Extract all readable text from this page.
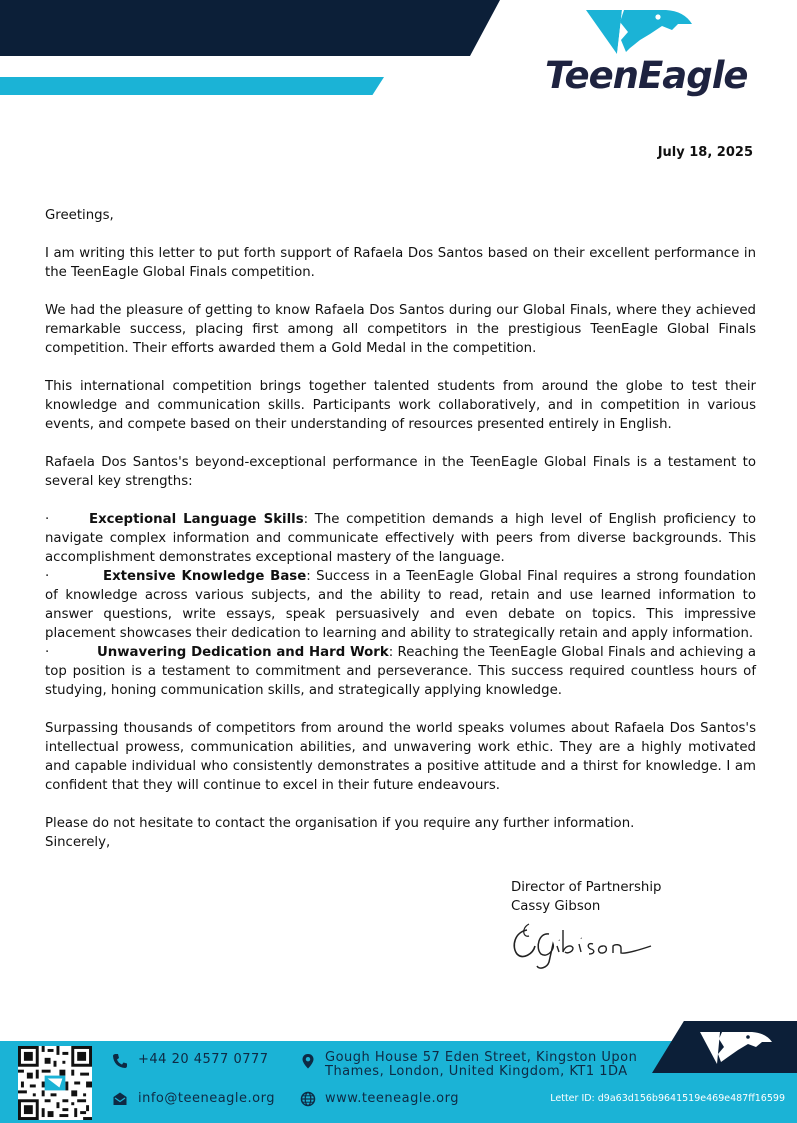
TeenEagle
July 18, 2025

Greetings,

I am writing this letter to put forth support of Rafaela Dos Santos based on their excellent performance in the TeenEagle Global Finals competition.

We had the pleasure of getting to know Rafaela Dos Santos during our Global Finals, where they achieved remarkable success, placing first among all competitors in the prestigious TeenEagle Global Finals competition. Their efforts awarded them a Gold Medal in the competition.

This international competition brings together talented students from around the globe to test their knowledge and communication skills. Participants work collaboratively, and in competition in various events, and compete based on their understanding of resources presented entirely in English.

Rafaela Dos Santos's beyond-exceptional performance in the TeenEagle Global Finals is a testament to several key strengths:

·	Exceptional Language Skills: The competition demands a high level of English proficiency to navigate complex information and communicate effectively with peers from diverse backgrounds. This accomplishment demonstrates exceptional mastery of the language.
·	Extensive Knowledge Base: Success in a TeenEagle Global Final requires a strong foundation of knowledge across various subjects, and the ability to read, retain and use learned information to answer questions, write essays, speak persuasively and even debate on topics. This impressive placement showcases their dedication to learning and ability to strategically retain and apply information.
·	Unwavering Dedication and Hard Work: Reaching the TeenEagle Global Finals and achieving a top position is a testament to commitment and perseverance. This success required countless hours of studying, honing communication skills, and strategically applying knowledge.

Surpassing thousands of competitors from around the world speaks volumes about Rafaela Dos Santos's intellectual prowess, communication abilities, and unwavering work ethic. They are a highly motivated and capable individual who consistently demonstrates a positive attitude and a thirst for knowledge. I am confident that they will continue to excel in their future endeavours.

Please do not hesitate to contact the organisation if you require any further information.

Sincerely,

Director of Partnership
Cassy Gibson
+44 20 4577 0777	Gough House 57 Eden Street, Kingston Upon
Thames, London, United Kingdom, KT1 1DA
info@teeneagle.org	www.teeneagle.org	Letter ID: d9a63d156b9641519e469e487ff16599
